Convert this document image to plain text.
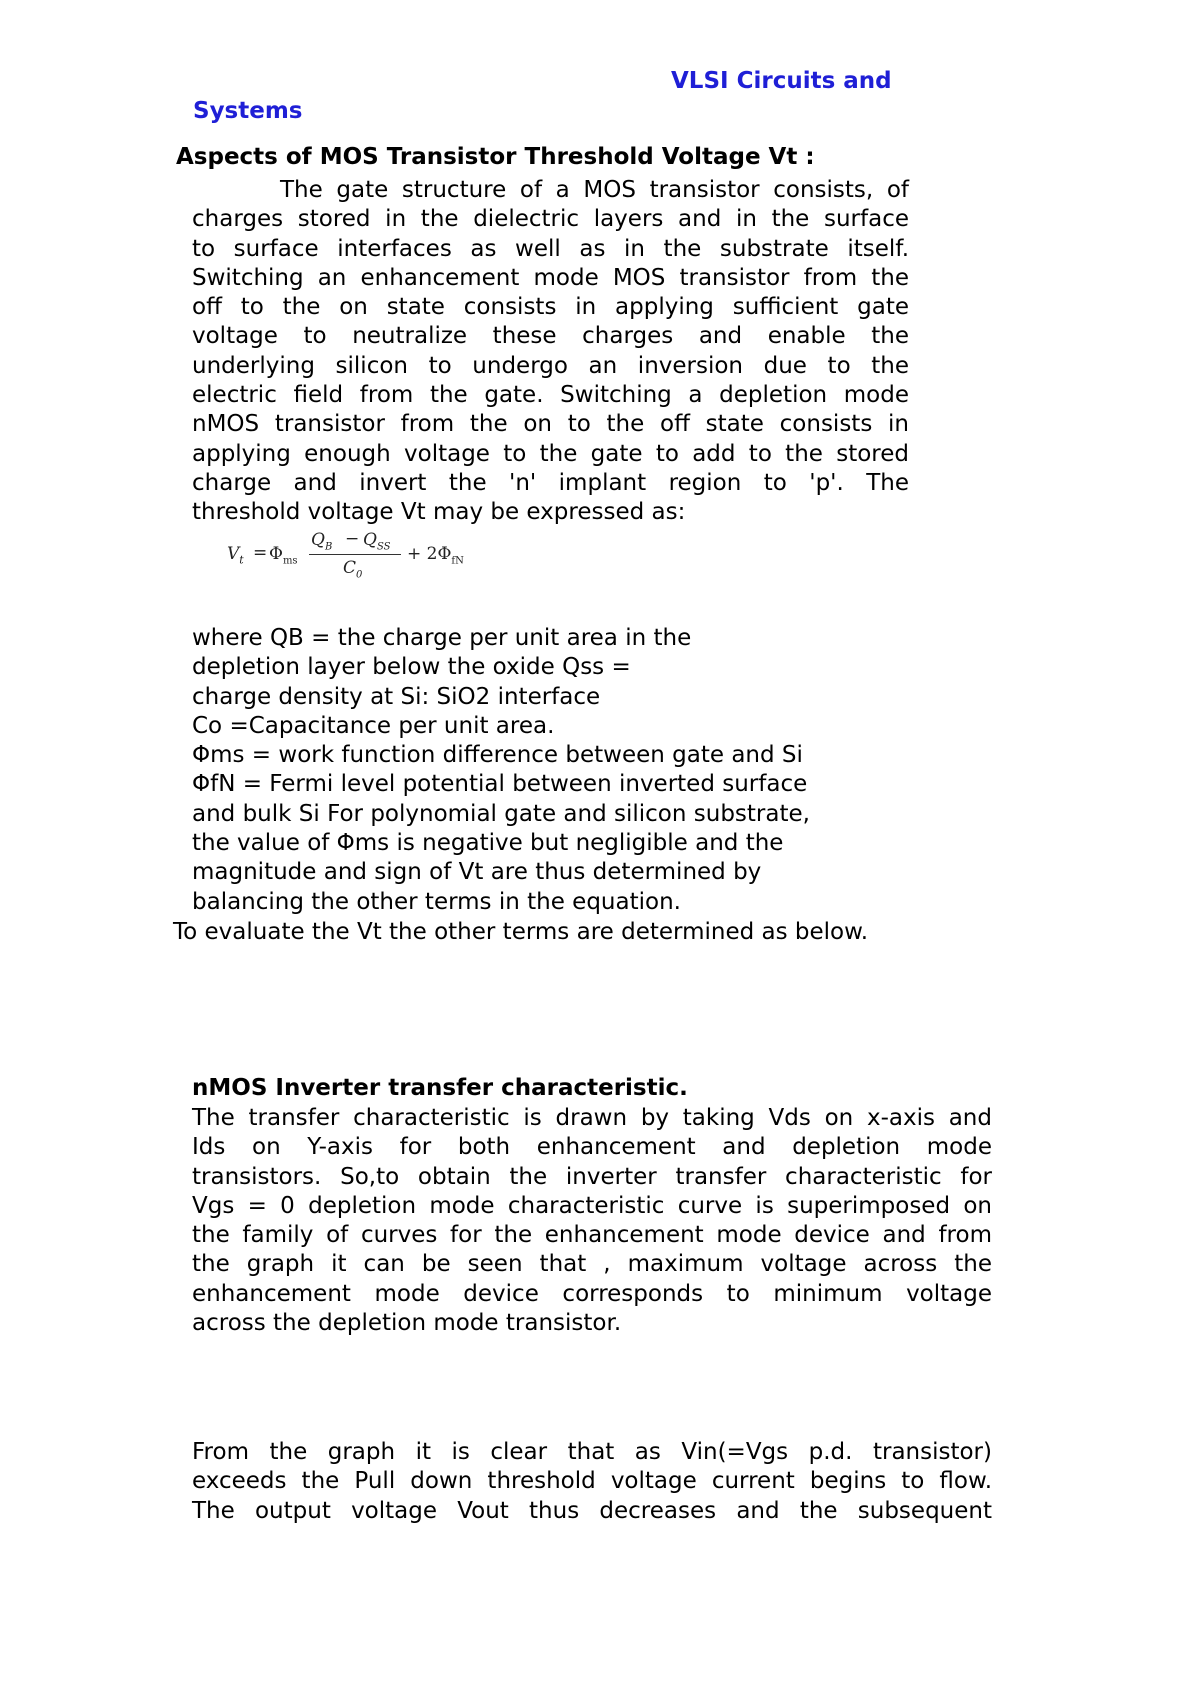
VLSI Circuits and
Systems
Aspects of MOS Transistor Threshold Voltage Vt :
The gate structure of a MOS transistor consists, of
charges stored in the dielectric layers and in the surface
to surface interfaces as well as in the substrate itself.
Switching an enhancement mode MOS transistor from the
off to the on state consists in applying sufficient gate
voltage to neutralize these charges and enable the
underlying silicon to undergo an inversion due to the
electric field from the gate. Switching a depletion mode
nMOS transistor from the on to the off state consists in
applying enough voltage to the gate to add to the stored
charge and invert the 'n' implant region to 'p'. The
threshold voltage Vt may be expressed as:
$V_t = \Phi_{ms}$
$Q_B - Q_{SS}$
$C_0$
+ $2\Phi_{fN}$
where QB = the charge per unit area in the
depletion layer below the oxide Qss =
charge density at Si: SiO2 interface
Co =Capacitance per unit area.
Φms = work function difference between gate and Si
ΦfN = Fermi level potential between inverted surface
and bulk Si For polynomial gate and silicon substrate,
the value of Φms is negative but negligible and the
magnitude and sign of Vt are thus determined by
balancing the other terms in the equation.
To evaluate the Vt the other terms are determined as below.
nMOS Inverter transfer characteristic.
The transfer characteristic is drawn by taking Vds on x-axis and
Ids on Y-axis for both enhancement and depletion mode
transistors. So,to obtain the inverter transfer characteristic for
Vgs = 0 depletion mode characteristic curve is superimposed on
the family of curves for the enhancement mode device and from
the graph it can be seen that , maximum voltage across the
enhancement mode device corresponds to minimum voltage
across the depletion mode transistor.
From the graph it is clear that as Vin(=Vgs p.d. transistor)
exceeds the Pull down threshold voltage current begins to flow.
The output voltage Vout thus decreases and the subsequent
